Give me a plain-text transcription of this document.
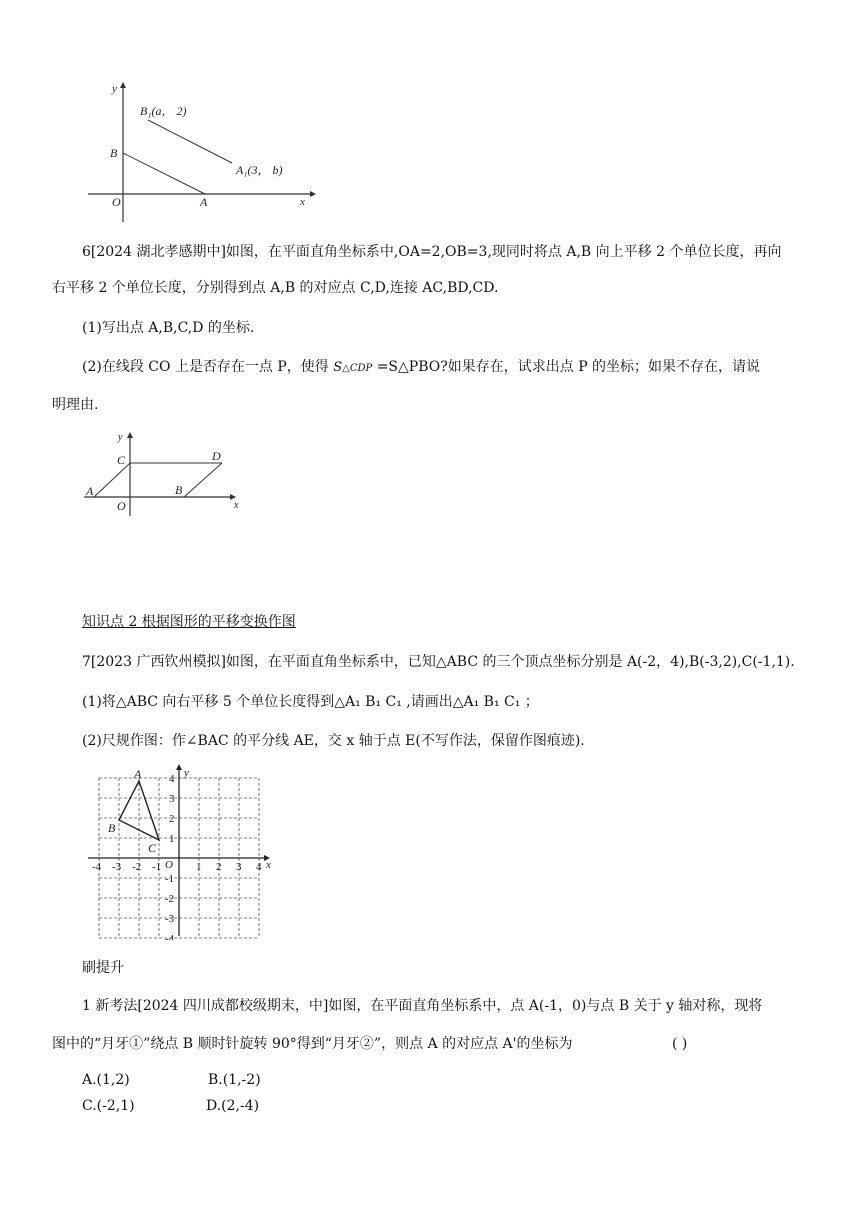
x
y
O
B
A
B₁(a， 2)
A₁(3， b)
6[2024 湖北孝感期中]如图，在平面直角坐标系中,OA=2,OB=3,现同时将点 A,B 向上平移 2 个单位长度，再向
右平移 2 个单位长度，分别得到点 A,B 的对应点 C,D,连接 AC,BD,CD.
(1)写出点 A,B,C,D 的坐标.
(2)在线段 CO 上是否存在一点 P，使得 S△CDP =S△PBO?如果存在，试求出点 P 的坐标；如果不存在，请说
明理由.
x
y
O
A	B
C	D
知识点 2 根据图形的平移变换作图
7[2023 广西钦州模拟]如图，在平面直角坐标系中，已知△ABC 的三个顶点坐标分别是 A(-2，4),B(-3,2),C(-1,1).
(1)将△ABC 向右平移 5 个单位长度得到△A₁ B₁ C₁ ,请画出△A₁ B₁ C₁ ；
(2)尺规作图：作∠BAC 的平分线 AE，交 x 轴于点 E(不写作法，保留作图痕迹).
x
y
O
A
B
C
-4 -3 -2 -1	1 2 3 4
4
3
2
1
-1
-2
-3
-4
刷提升
1 新考法[2024 四川成都校级期末，中]如图，在平面直角坐标系中，点 A(-1，0)与点 B 关于 y 轴对称，现将
图中的“月牙①”绕点 B 顺时针旋转 90°得到“月牙②”，则点 A 的对应点 A'的坐标为	( )
A.(1,2)	B.(1,-2)
C.(-2,1)	D.(2,-4)
